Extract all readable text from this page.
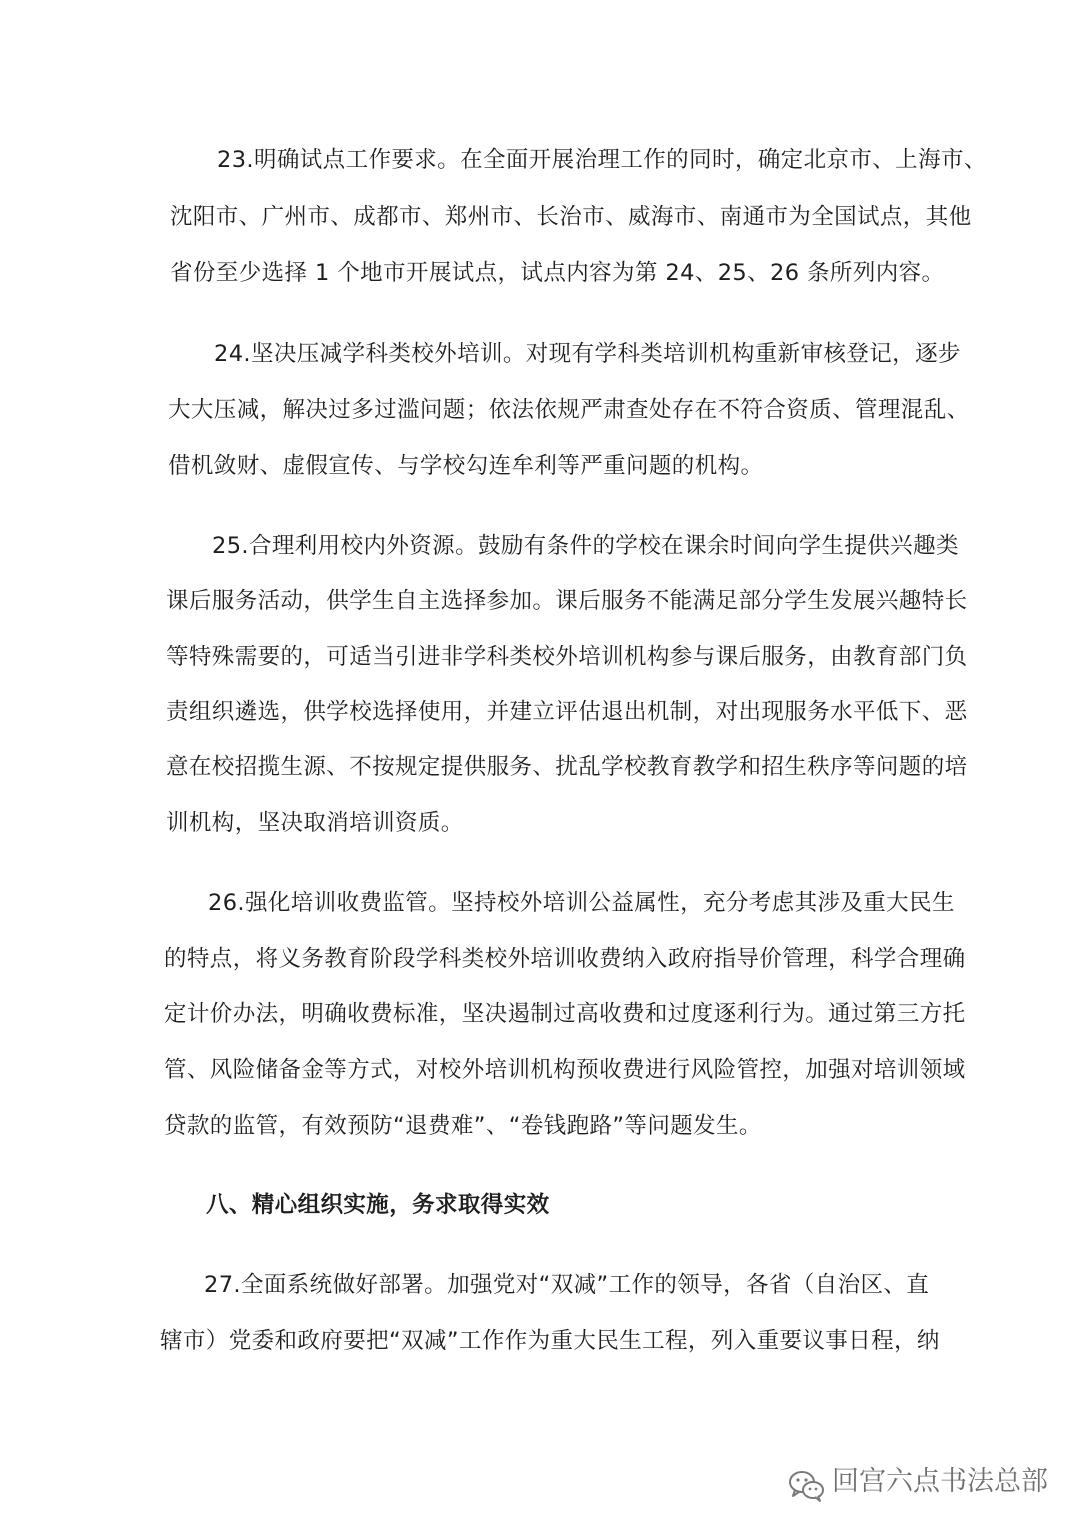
23.明确试点工作要求。在全面开展治理工作的同时，确定北京市、上海市、

沈阳市、广州市、成都市、郑州市、长治市、威海市、南通市为全国试点，其他

省份至少选择 1 个地市开展试点，试点内容为第 24、25、26 条所列内容。

24.坚决压减学科类校外培训。对现有学科类培训机构重新审核登记，逐步

大大压减，解决过多过滥问题；依法依规严肃查处存在不符合资质、管理混乱、

借机敛财、虚假宣传、与学校勾连牟利等严重问题的机构。

25.合理利用校内外资源。鼓励有条件的学校在课余时间向学生提供兴趣类

课后服务活动，供学生自主选择参加。课后服务不能满足部分学生发展兴趣特长

等特殊需要的，可适当引进非学科类校外培训机构参与课后服务，由教育部门负

责组织遴选，供学校选择使用，并建立评估退出机制，对出现服务水平低下、恶

意在校招揽生源、不按规定提供服务、扰乱学校教育教学和招生秩序等问题的培

训机构，坚决取消培训资质。

26.强化培训收费监管。坚持校外培训公益属性，充分考虑其涉及重大民生

的特点，将义务教育阶段学科类校外培训收费纳入政府指导价管理，科学合理确

定计价办法，明确收费标准，坚决遏制过高收费和过度逐利行为。通过第三方托

管、风险储备金等方式，对校外培训机构预收费进行风险管控，加强对培训领域

贷款的监管，有效预防“退费难”、“卷钱跑路”等问题发生。

八、精心组织实施，务求取得实效

27.全面系统做好部署。加强党对“双减”工作的领导，各省（自治区、直

辖市）党委和政府要把“双减”工作作为重大民生工程，列入重要议事日程，纳

回宫六点书法总部
